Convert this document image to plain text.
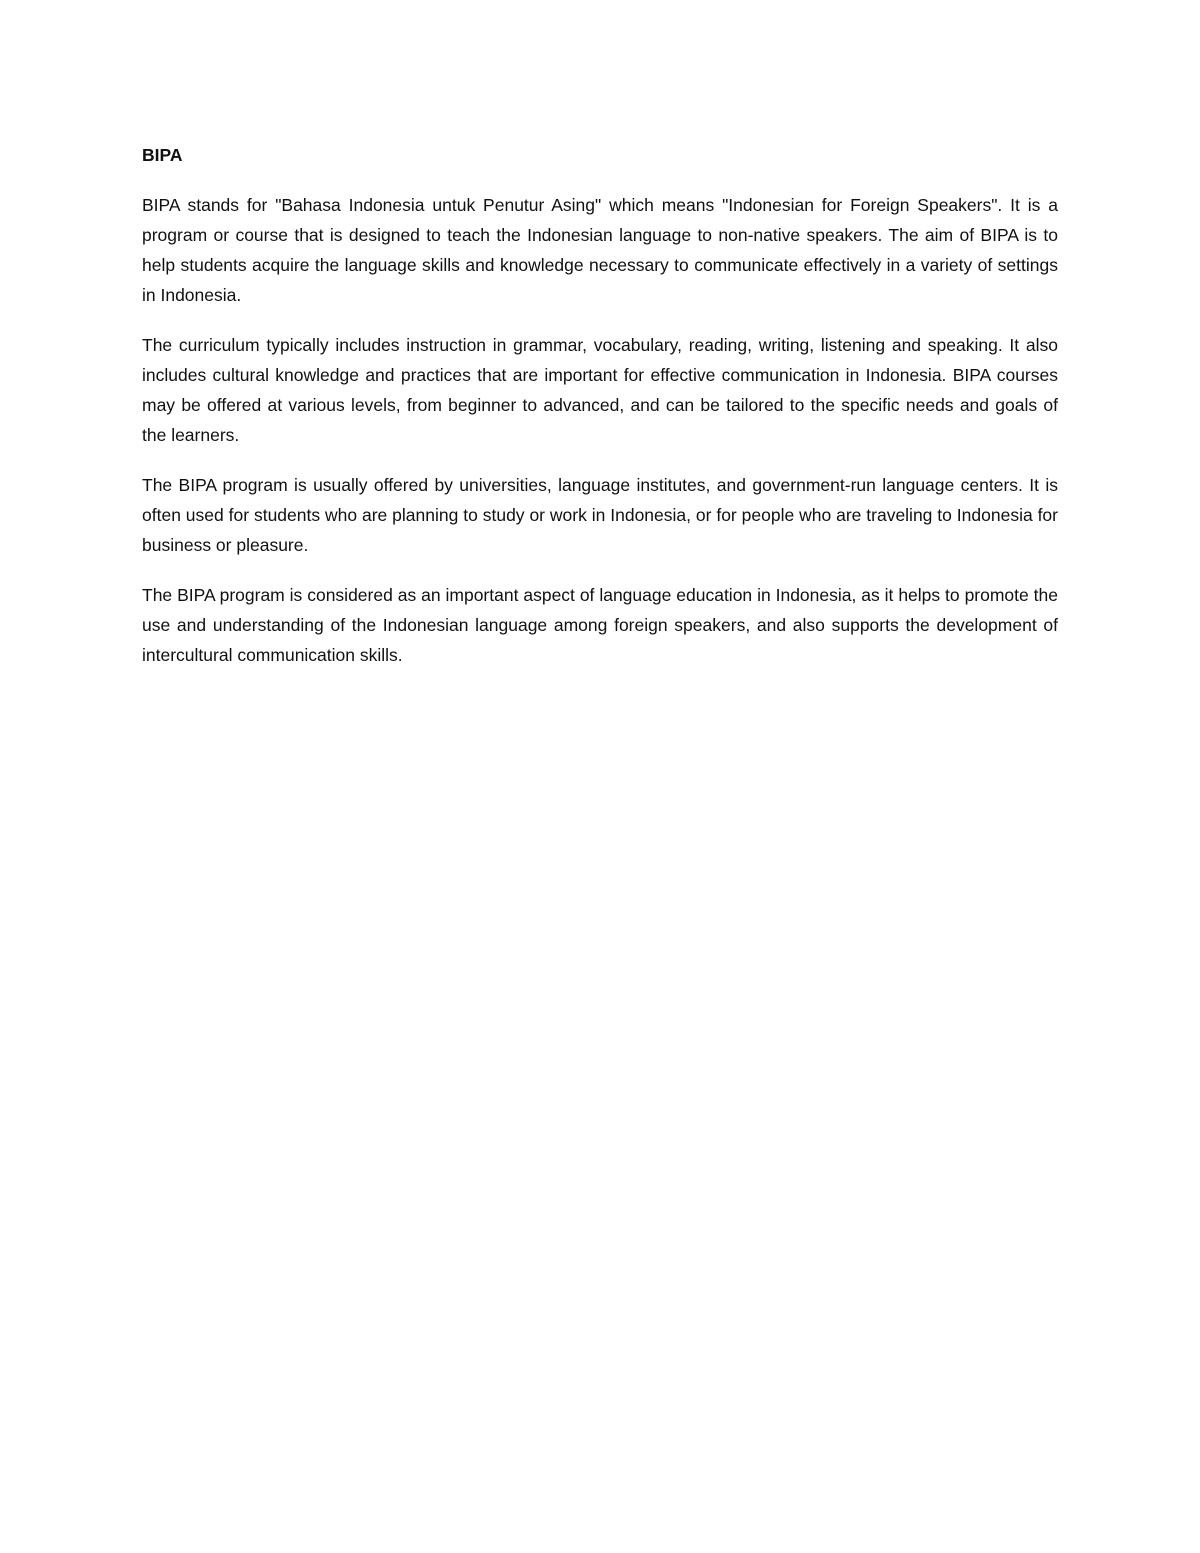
BIPA

BIPA stands for "Bahasa Indonesia untuk Penutur Asing" which means "Indonesian for Foreign Speakers". It is a program or course that is designed to teach the Indonesian language to non-native speakers. The aim of BIPA is to help students acquire the language skills and knowledge necessary to communicate effectively in a variety of settings in Indonesia.

The curriculum typically includes instruction in grammar, vocabulary, reading, writing, listening and speaking. It also includes cultural knowledge and practices that are important for effective communication in Indonesia. BIPA courses may be offered at various levels, from beginner to advanced, and can be tailored to the specific needs and goals of the learners.

The BIPA program is usually offered by universities, language institutes, and government-run language centers. It is often used for students who are planning to study or work in Indonesia, or for people who are traveling to Indonesia for business or pleasure.

The BIPA program is considered as an important aspect of language education in Indonesia, as it helps to promote the use and understanding of the Indonesian language among foreign speakers, and also supports the development of intercultural communication skills.
